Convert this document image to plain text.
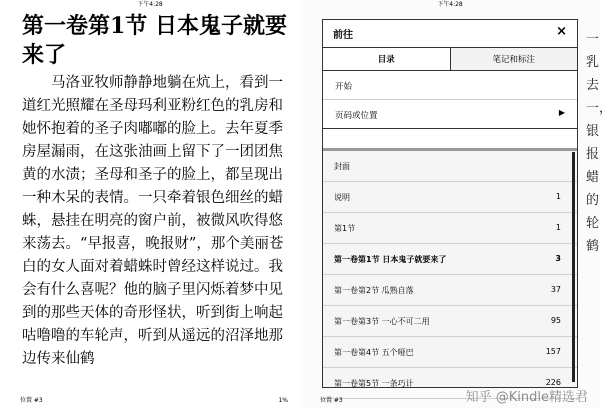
下午4:28
第一卷第1节 日本鬼子就要来了

马洛亚牧师静静地躺在炕上，看到一道红光照耀在圣母玛利亚粉红色的乳房和她怀抱着的圣子肉嘟嘟的脸上。去年夏季房屋漏雨，在这张油画上留下了一团团焦黄的水渍；圣母和圣子的脸上，都呈现出一种木呆的表情。一只牵着银色细丝的蜡蛛，悬挂在明亮的窗户前，被微风吹得悠来荡去。“早报喜，晚报财”，那个美丽苍白的女人面对着蜡蛛时曾经这样说过。我会有什么喜呢？他的脑子里闪烁着梦中见到的那些天体的奇形怪状，听到街上响起咕噜噜的车轮声，听到从遥远的沼泽地那边传来仙鹤

位置 #3	1%
下午4:28
一乳去一，银报蜡的轮鹤
前往	×
目录	笔记和标注
开始
页码或位置	▶
封面
说明	1
第1节	1
第一卷第1节 日本鬼子就要来了	3
第一卷第2节 瓜熟自落	37
第一卷第3节 一心不可二用	95
第一卷第4节 五个哑巴	157
第一卷第5节 一条巧计	226
位置 #3	知乎 @Kindle精选君
